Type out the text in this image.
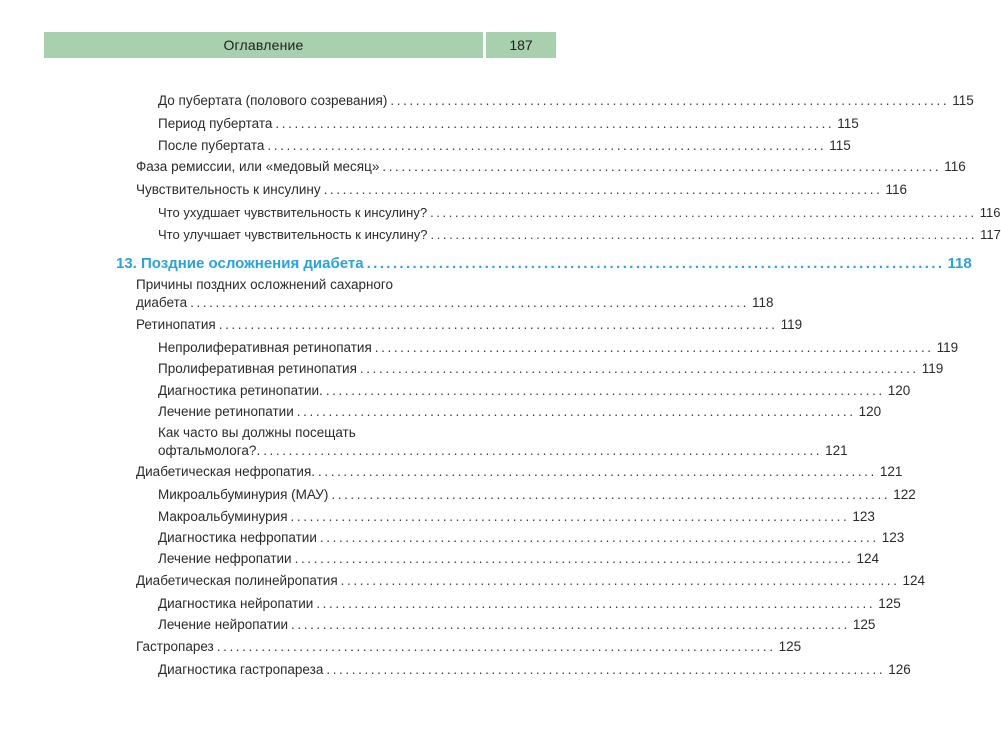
Оглавление	187
До пубертата (полового созревания) ........................................................................................ 115
Период пубертата ........................................................................................ 115
После пубертата ........................................................................................ 115
Фаза ремиссии, или «медовый месяц» ........................................................................................ 116
Чувствительность к инсулину ........................................................................................ 116
Что ухудшает чувствительность к инсулину? ........................................................................................ 116
Что улучшает чувствительность к инсулину? ........................................................................................ 117
13. Поздние осложнения диабета ........................................................................................ 118
Причины поздних осложнений сахарного
диабета ........................................................................................ 118
Ретинопатия ........................................................................................ 119
Непролиферативная ретинопатия ........................................................................................ 119
Пролиферативная ретинопатия ........................................................................................ 119
Диагностика ретинопатии. ........................................................................................ 120
Лечение ретинопатии ........................................................................................ 120
Как часто вы должны посещать
офтальмолога?. ........................................................................................ 121
Диабетическая нефропатия. ........................................................................................ 121
Микроальбуминурия (МАУ) ........................................................................................ 122
Макроальбуминурия ........................................................................................ 123
Диагностика нефропатии ........................................................................................ 123
Лечение нефропатии ........................................................................................ 124
Диабетическая полинейропатия ........................................................................................ 124
Диагностика нейропатии ........................................................................................ 125
Лечение нейропатии ........................................................................................ 125
Гастропарез ........................................................................................ 125
Диагностика гастропареза ........................................................................................ 126
